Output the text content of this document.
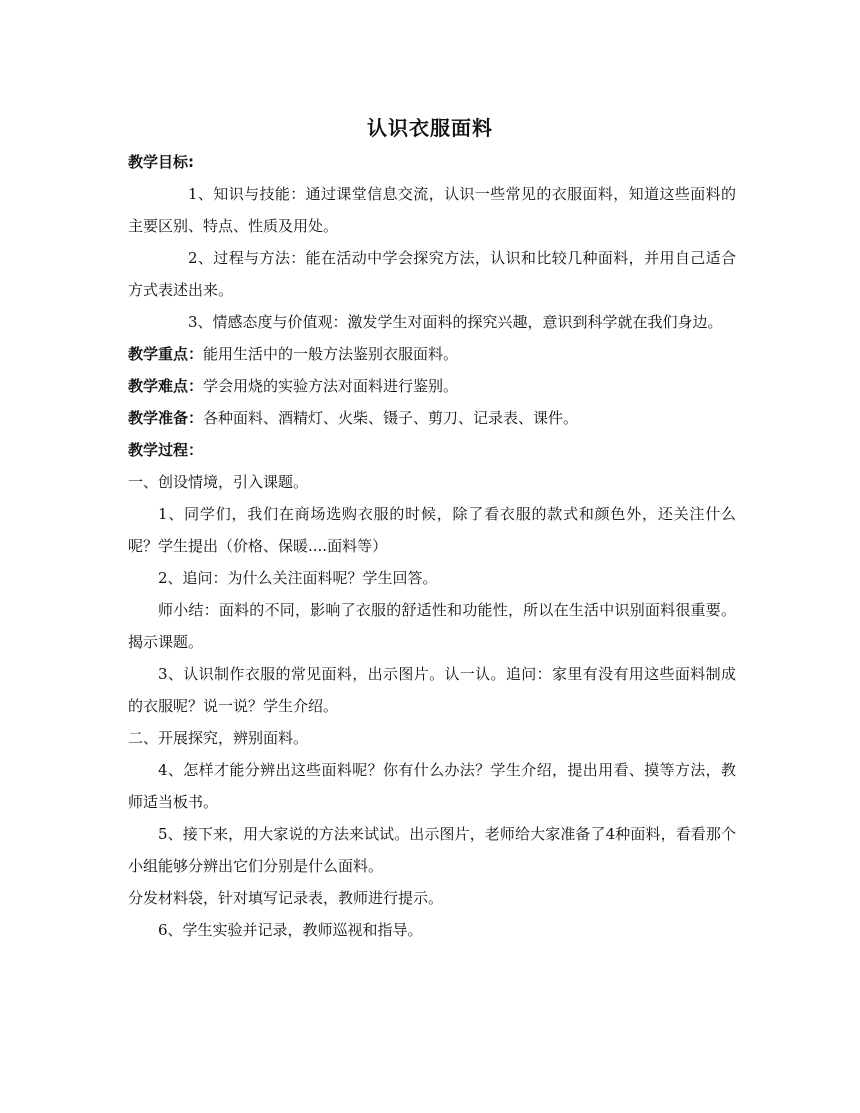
认识衣服面料

教学目标:

1、知识与技能：通过课堂信息交流，认识一些常见的衣服面料，知道这些面料的主要区别、特点、性质及用处。

2、过程与方法：能在活动中学会探究方法，认识和比较几种面料，并用自己适合方式表述出来。

3、情感态度与价值观：激发学生对面料的探究兴趣，意识到科学就在我们身边。

教学重点：能用生活中的一般方法鉴别衣服面料。

教学难点：学会用烧的实验方法对面料进行鉴别。

教学准备：各种面料、酒精灯、火柴、镊子、剪刀、记录表、课件。

教学过程：

一、创设情境，引入课题。

1、同学们，我们在商场选购衣服的时候，除了看衣服的款式和颜色外，还关注什么呢？学生提出（价格、保暖....面料等）

2、追问：为什么关注面料呢？学生回答。

师小结：面料的不同，影响了衣服的舒适性和功能性，所以在生活中识别面料很重要。揭示课题。

3、认识制作衣服的常见面料，出示图片。认一认。追问：家里有没有用这些面料制成的衣服呢？说一说？学生介绍。

二、开展探究，辨别面料。

4、怎样才能分辨出这些面料呢？你有什么办法？学生介绍，提出用看、摸等方法，教师适当板书。

5、接下来，用大家说的方法来试试。出示图片，老师给大家准备了4种面料，看看那个小组能够分辨出它们分别是什么面料。

分发材料袋，针对填写记录表，教师进行提示。

6、学生实验并记录，教师巡视和指导。
